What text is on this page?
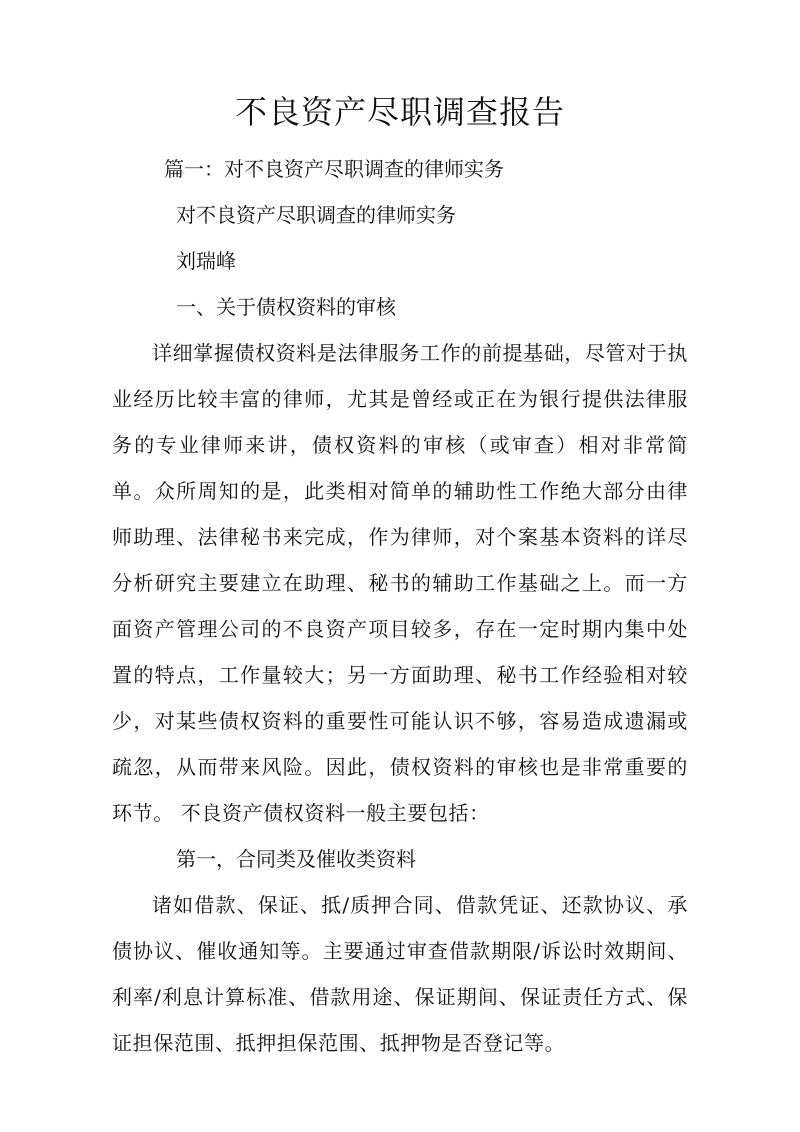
不良资产尽职调查报告

篇一：对不良资产尽职调查的律师实务

对不良资产尽职调查的律师实务

刘瑞峰

一、关于债权资料的审核

详细掌握债权资料是法律服务工作的前提基础，尽管对于执业经历比较丰富的律师，尤其是曾经或正在为银行提供法律服务的专业律师来讲，债权资料的审核（或审查）相对非常简单。众所周知的是，此类相对简单的辅助性工作绝大部分由律师助理、法律秘书来完成，作为律师，对个案基本资料的详尽分析研究主要建立在助理、秘书的辅助工作基础之上。而一方面资产管理公司的不良资产项目较多，存在一定时期内集中处置的特点，工作量较大；另一方面助理、秘书工作经验相对较少，对某些债权资料的重要性可能认识不够，容易造成遗漏或疏忽，从而带来风险。因此，债权资料的审核也是非常重要的环节。 不良资产债权资料一般主要包括：

第一，合同类及催收类资料

诸如借款、保证、抵/质押合同、借款凭证、还款协议、承债协议、催收通知等。主要通过审查借款期限/诉讼时效期间、利率/利息计算标准、借款用途、保证期间、保证责任方式、保证担保范围、抵押担保范围、抵押物是否登记等。
